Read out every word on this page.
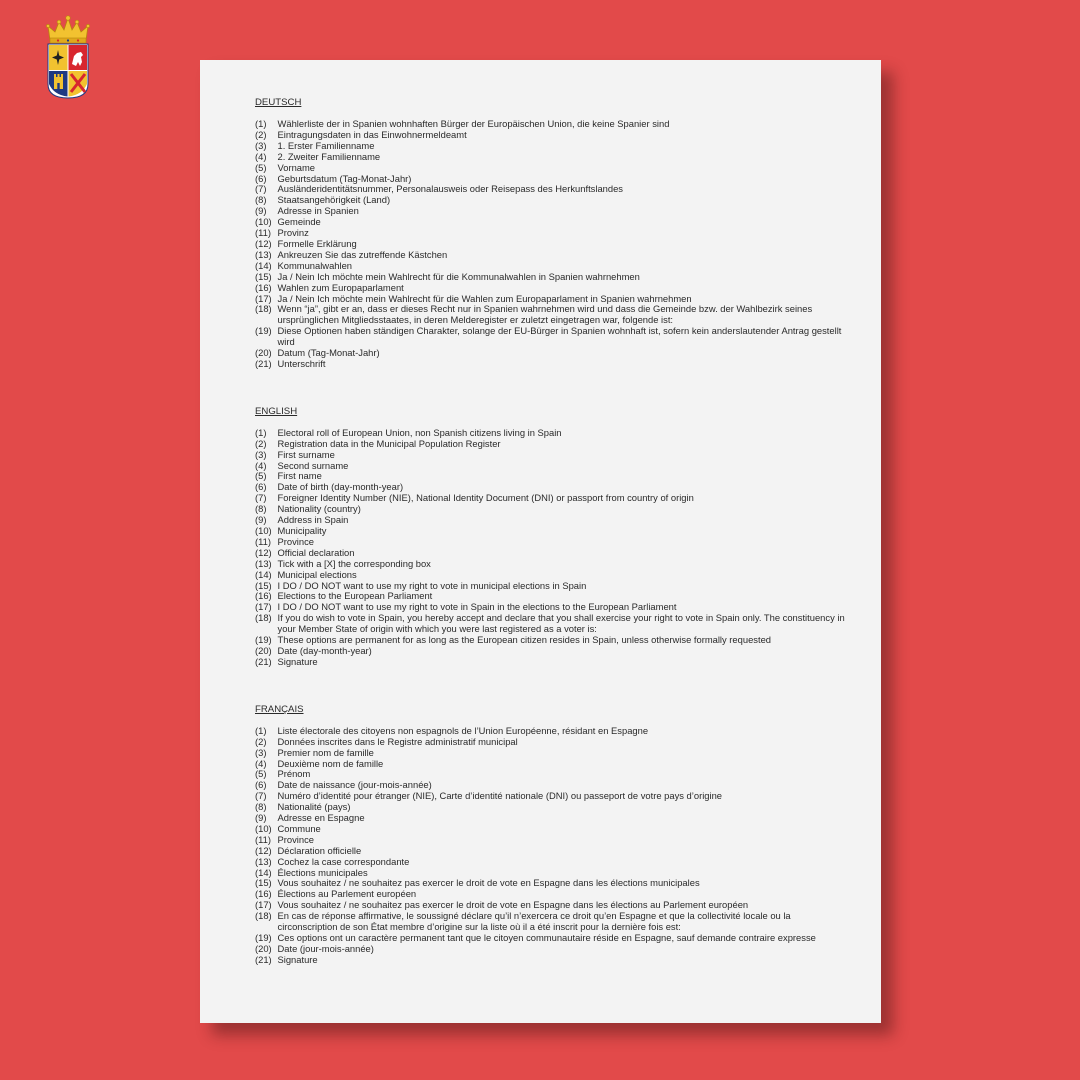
DEUTSCH
(1)	Wählerliste der in Spanien wohnhaften Bürger der Europäischen Union, die keine Spanier sind
(2)	Eintragungsdaten in das Einwohnermeldeamt
(3)	1. Erster Familienname
(4)	2. Zweiter Familienname
(5)	Vorname
(6)	Geburtsdatum (Tag-Monat-Jahr)
(7)	Ausländeridentitätsnummer, Personalausweis oder Reisepass des Herkunftslandes
(8)	Staatsangehörigkeit (Land)
(9)	Adresse in Spanien
(10) Gemeinde
(11) Provinz
(12) Formelle Erklärung
(13) Ankreuzen Sie das zutreffende Kästchen
(14) Kommunalwahlen
(15) Ja / Nein Ich möchte mein Wahlrecht für die Kommunalwahlen in Spanien wahrnehmen
(16) Wahlen zum Europaparlament
(17) Ja / Nein Ich möchte mein Wahlrecht für die Wahlen zum Europaparlament in Spanien wahrnehmen
(18) Wenn “ja”, gibt er an, dass er dieses Recht nur in Spanien wahrnehmen wird und dass die Gemeinde bzw. der Wahlbezirk seines ursprünglichen Mitgliedsstaates, in deren Melderegister er zuletzt eingetragen war, folgende ist:
(19) Diese Optionen haben ständigen Charakter, solange der EU-Bürger in Spanien wohnhaft ist, sofern kein anderslautender Antrag gestellt wird
(20) Datum (Tag-Monat-Jahr)
(21) Unterschrift
ENGLISH
(1)	Electoral roll of European Union, non Spanish citizens living in Spain
(2)	Registration data in the Municipal Population Register
(3)	First surname
(4)	Second surname
(5)	First name
(6)	Date of birth (day-month-year)
(7)	Foreigner Identity Number (NIE), National Identity Document (DNI) or passport from country of origin
(8)	Nationality (country)
(9)	Address in Spain
(10) Municipality
(11) Province
(12) Official declaration
(13) Tick with a [X] the corresponding box
(14) Municipal elections
(15) I DO / DO NOT want to use my right to vote in municipal elections in Spain
(16) Elections to the European Parliament
(17) I DO / DO NOT want to use my right to vote in Spain in the elections to the European Parliament
(18) If you do wish to vote in Spain, you hereby accept and declare that you shall exercise your right to vote in Spain only. The constituency in your Member State of origin with which you were last registered as a voter is:
(19) These options are permanent for as long as the European citizen resides in Spain, unless otherwise formally requested
(20) Date (day-month-year)
(21) Signature
FRANÇAIS
(1)	Liste électorale des citoyens non espagnols de l’Union Européenne, résidant en Espagne
(2)	Données inscrites dans le Registre administratif municipal
(3)	Premier nom de famille
(4)	Deuxième nom de famille
(5)	Prénom
(6)	Date de naissance (jour-mois-année)
(7)	Numéro d’identité pour étranger (NIE), Carte d’identité nationale (DNI) ou passeport de votre pays d’origine
(8)	Nationalité (pays)
(9)	Adresse en Espagne
(10) Commune
(11) Province
(12) Déclaration officielle
(13) Cochez la case correspondante
(14) Élections municipales
(15) Vous souhaitez / ne souhaitez pas exercer le droit de vote en Espagne dans les élections municipales
(16) Élections au Parlement européen
(17) Vous souhaitez / ne souhaitez pas exercer le droit de vote en Espagne dans les élections au Parlement européen
(18) En cas de réponse affirmative, le soussigné déclare qu’il n’exercera ce droit qu’en Espagne et que la collectivité locale ou la circonscription de son État membre d’origine sur la liste où il a été inscrit pour la dernière fois est:
(19) Ces options ont un caractère permanent tant que le citoyen communautaire réside en Espagne, sauf demande contraire expresse
(20) Date (jour-mois-année)
(21) Signature
